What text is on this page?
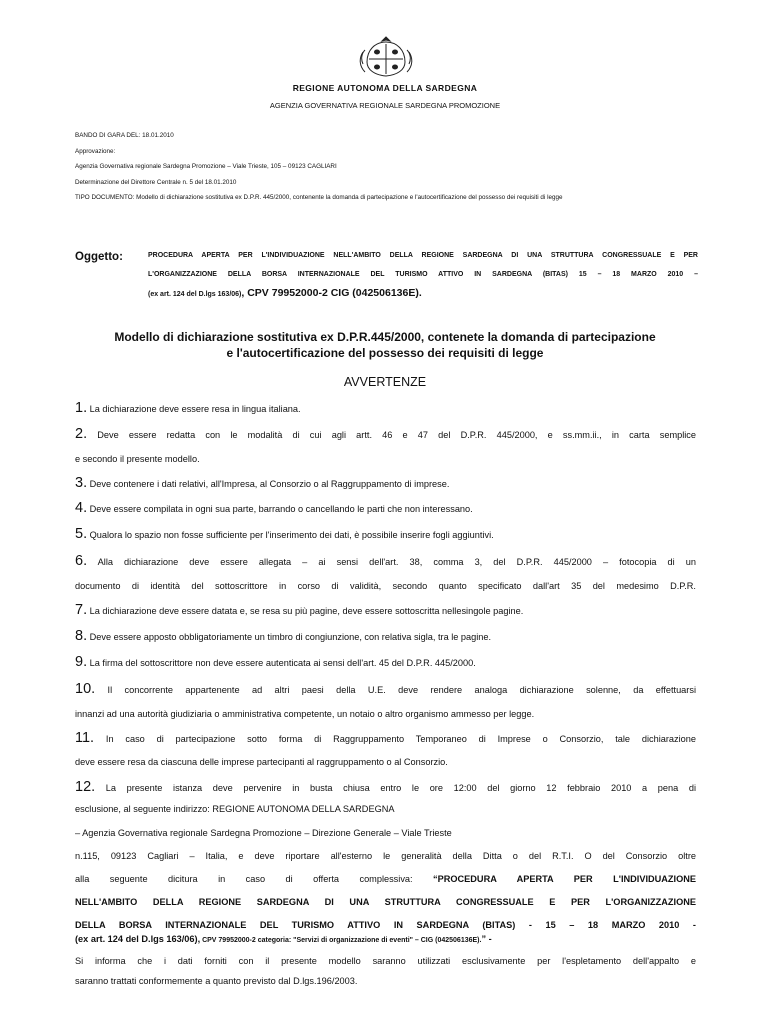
REGIONE AUTONOMA DELLA SARDEGNA
AGENZIA GOVERNATIVA REGIONALE SARDEGNA PROMOZIONE
BANDO DI GARA DEL: 18.01.2010
Approvazione:
Agenzia Governativa regionale Sardegna Promozione – Viale Trieste, 105 – 09123 CAGLIARI
Determinazione del Direttore Centrale n. 5 del 18.01.2010
TIPO DOCUMENTO: Modello di dichiarazione sostitutiva ex D.P.R. 445/2000, contenente la domanda di partecipazione e l'autocertificazione del possesso dei requisiti di legge
Oggetto:	PROCEDURA APERTA PER L'INDIVIDUAZIONE NELL'AMBITO DELLA REGIONE SARDEGNA DI UNA STRUTTURA CONGRESSUALE E PER
L'ORGANIZZAZIONE DELLA BORSA INTERNAZIONALE DEL TURISMO ATTIVO IN SARDEGNA (BITAS) 15 – 18 MARZO 2010 –
(ex art. 124 del D.lgs 163/06), CPV 79952000-2 CIG (042506136E).
Modello di dichiarazione sostitutiva ex D.P.R.445/2000, contenete la domanda di partecipazione
e l'autocertificazione del possesso dei requisiti di legge
AVVERTENZE
1. La dichiarazione deve essere resa in lingua italiana.
2. Deve essere redatta con le modalità di cui agli artt. 46 e 47 del D.P.R. 445/2000, e ss.mm.ii., in carta semplice
e secondo il presente modello.
3. Deve contenere i dati relativi, all'Impresa, al Consorzio o al Raggruppamento di imprese.
4. Deve essere compilata in ogni sua parte, barrando o cancellando le parti che non interessano.
5. Qualora lo spazio non fosse sufficiente per l'inserimento dei dati, è possibile inserire fogli aggiuntivi.
6. Alla dichiarazione deve essere allegata – ai sensi dell'art. 38, comma 3, del D.P.R. 445/2000 – fotocopia di un
documento di identità del sottoscrittore in corso di validità, secondo quanto specificato dall'art 35 del medesimo D.P.R.
7. La dichiarazione deve essere datata e, se resa su più pagine, deve essere sottoscritta nellesingole pagine.
8. Deve essere apposto obbligatoriamente un timbro di congiunzione, con relativa sigla, tra le pagine.
9. La firma del sottoscrittore non deve essere autenticata ai sensi dell'art. 45 del D.P.R. 445/2000.
10. Il concorrente appartenente ad altri paesi della U.E. deve rendere analoga dichiarazione solenne, da effettuarsi
innanzi ad una autorità giudiziaria o amministrativa competente, un notaio o altro organismo ammesso per legge.
11. In caso di partecipazione sotto forma di Raggruppamento Temporaneo di Imprese o Consorzio, tale dichiarazione
deve essere resa da ciascuna delle imprese partecipanti al raggruppamento o al Consorzio.
12. La presente istanza deve pervenire in busta chiusa entro le ore 12:00 del giorno 12 febbraio 2010 a pena di
esclusione, al seguente indirizzo: REGIONE AUTONOMA DELLA SARDEGNA
– Agenzia Governativa regionale Sardegna Promozione – Direzione Generale – Viale Trieste
n.115, 09123 Cagliari – Italia, e deve riportare all'esterno le generalità della Ditta o del R.T.I. O del Consorzio oltre
alla seguente dicitura in caso di offerta complessiva: “PROCEDURA APERTA PER L'INDIVIDUAZIONE
NELL'AMBITO DELLA REGIONE SARDEGNA DI UNA STRUTTURA CONGRESSUALE E PER L'ORGANIZZAZIONE
DELLA BORSA INTERNAZIONALE DEL TURISMO ATTIVO IN SARDEGNA (BITAS) - 15 – 18 MARZO 2010 -
(ex art. 124 del D.lgs 163/06), CPV 79952000-2 categoria: "Servizi di organizzazione di eventi" – CIG (042506136E).” -
Si informa che i dati forniti con il presente modello saranno utilizzati esclusivamente per l'espletamento dell'appalto e
saranno trattati conformemente a quanto previsto dal D.lgs.196/2003.
